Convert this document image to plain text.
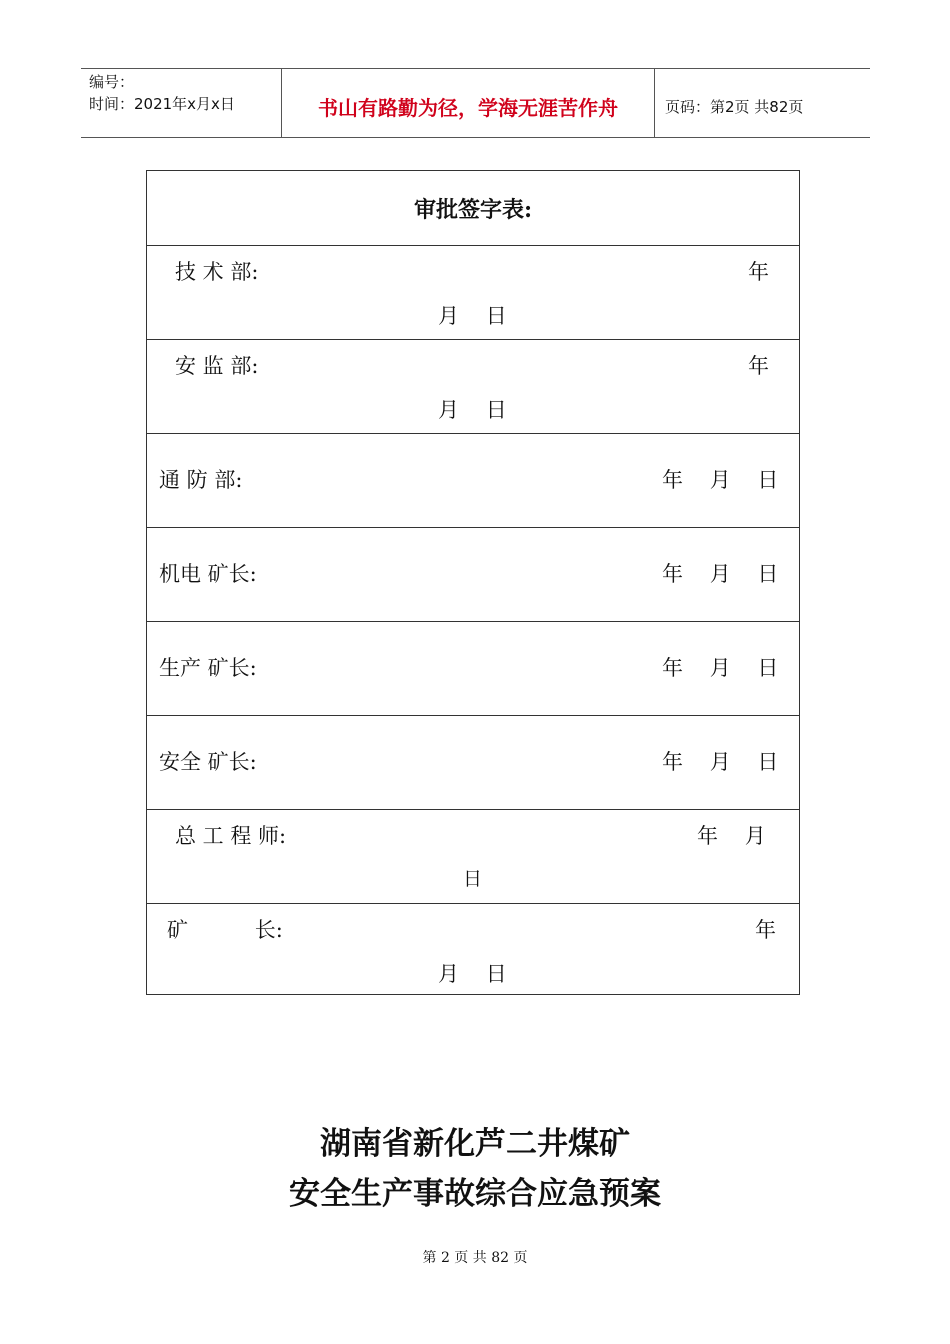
编号：
时间：2021年x月x日	书山有路勤为径，学海无涯苦作舟	页码：第2页 共82页
审批签字表:
技 术 部:	年
月    日
安 监 部:	年
月    日
通 防 部:	年    月    日
机电 矿长:	年    月    日
生产 矿长:	年    月    日
安全 矿长:	年    月    日
总 工 程 师:	年    月
日
矿          长:	年
月    日
湖南省新化芦二井煤矿
安全生产事故综合应急预案
第 2 页 共 82 页
